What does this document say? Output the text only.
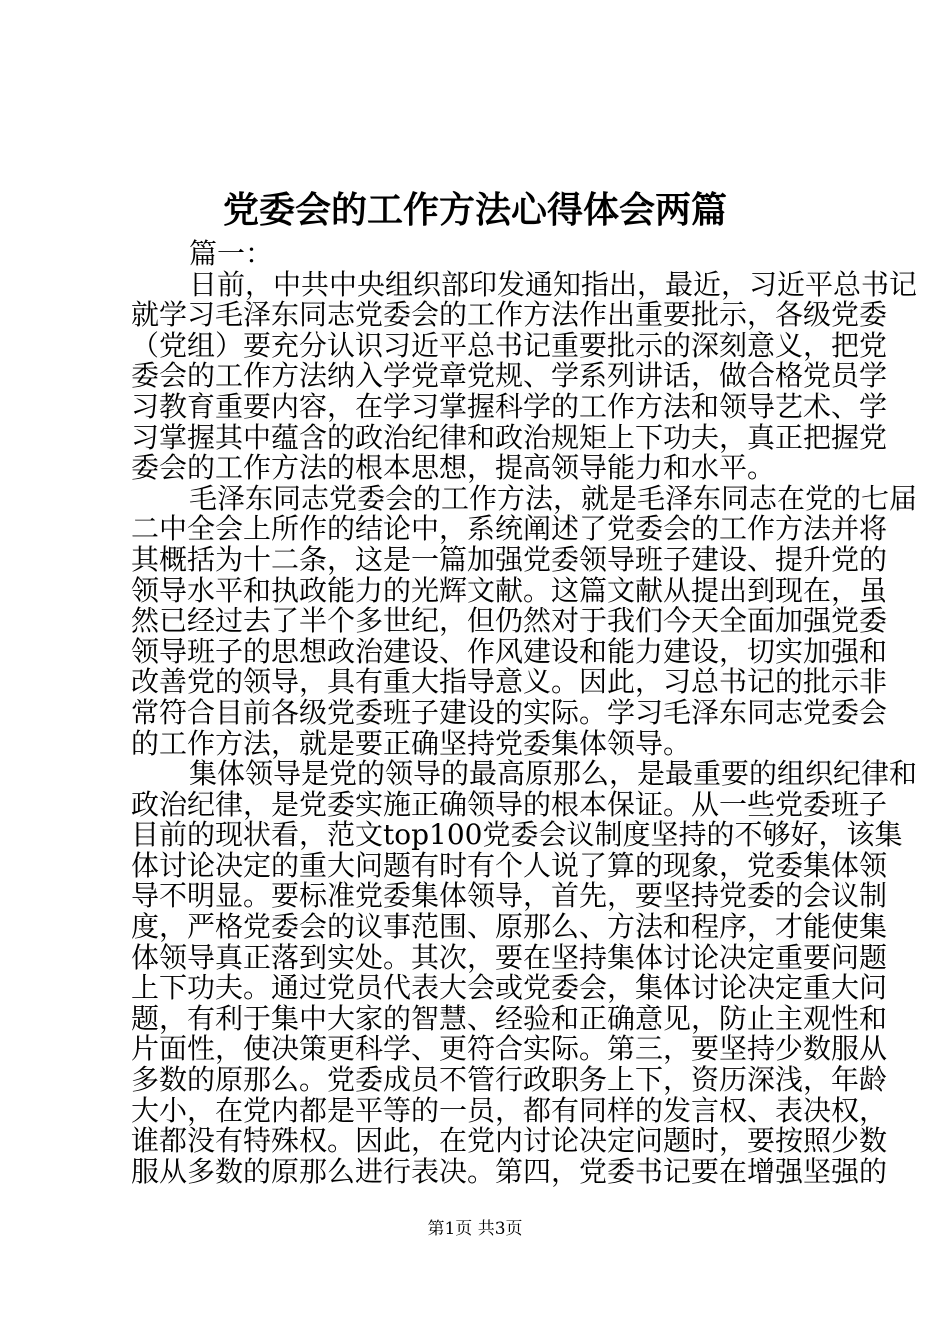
党委会的工作方法心得体会两篇
篇一：
日前，中共中央组织部印发通知指出，最近，习近平总书记
就学习毛泽东同志党委会的工作方法作出重要批示，各级党委
（党组）要充分认识习近平总书记重要批示的深刻意义，把党
委会的工作方法纳入学党章党规、学系列讲话，做合格党员学
习教育重要内容，在学习掌握科学的工作方法和领导艺术、学
习掌握其中蕴含的政治纪律和政治规矩上下功夫，真正把握党
委会的工作方法的根本思想，提高领导能力和水平。
毛泽东同志党委会的工作方法，就是毛泽东同志在党的七届
二中全会上所作的结论中，系统阐述了党委会的工作方法并将
其概括为十二条，这是一篇加强党委领导班子建设、提升党的
领导水平和执政能力的光辉文献。这篇文献从提出到现在，虽
然已经过去了半个多世纪，但仍然对于我们今天全面加强党委
领导班子的思想政治建设、作风建设和能力建设，切实加强和
改善党的领导，具有重大指导意义。因此，习总书记的批示非
常符合目前各级党委班子建设的实际。学习毛泽东同志党委会
的工作方法，就是要正确坚持党委集体领导。
集体领导是党的领导的最高原那么，是最重要的组织纪律和
政治纪律，是党委实施正确领导的根本保证。从一些党委班子
目前的现状看，范文top100党委会议制度坚持的不够好，该集
体讨论决定的重大问题有时有个人说了算的现象，党委集体领
导不明显。要标准党委集体领导，首先，要坚持党委的会议制
度，严格党委会的议事范围、原那么、方法和程序，才能使集
体领导真正落到实处。其次，要在坚持集体讨论决定重要问题
上下功夫。通过党员代表大会或党委会，集体讨论决定重大问
题，有利于集中大家的智慧、经验和正确意见，防止主观性和
片面性，使决策更科学、更符合实际。第三，要坚持少数服从
多数的原那么。党委成员不管行政职务上下，资历深浅，年龄
大小，在党内都是平等的一员，都有同样的发言权、表决权，
谁都没有特殊权。因此，在党内讨论决定问题时，要按照少数
服从多数的原那么进行表决。第四，党委书记要在增强坚强的
第1页 共3页
